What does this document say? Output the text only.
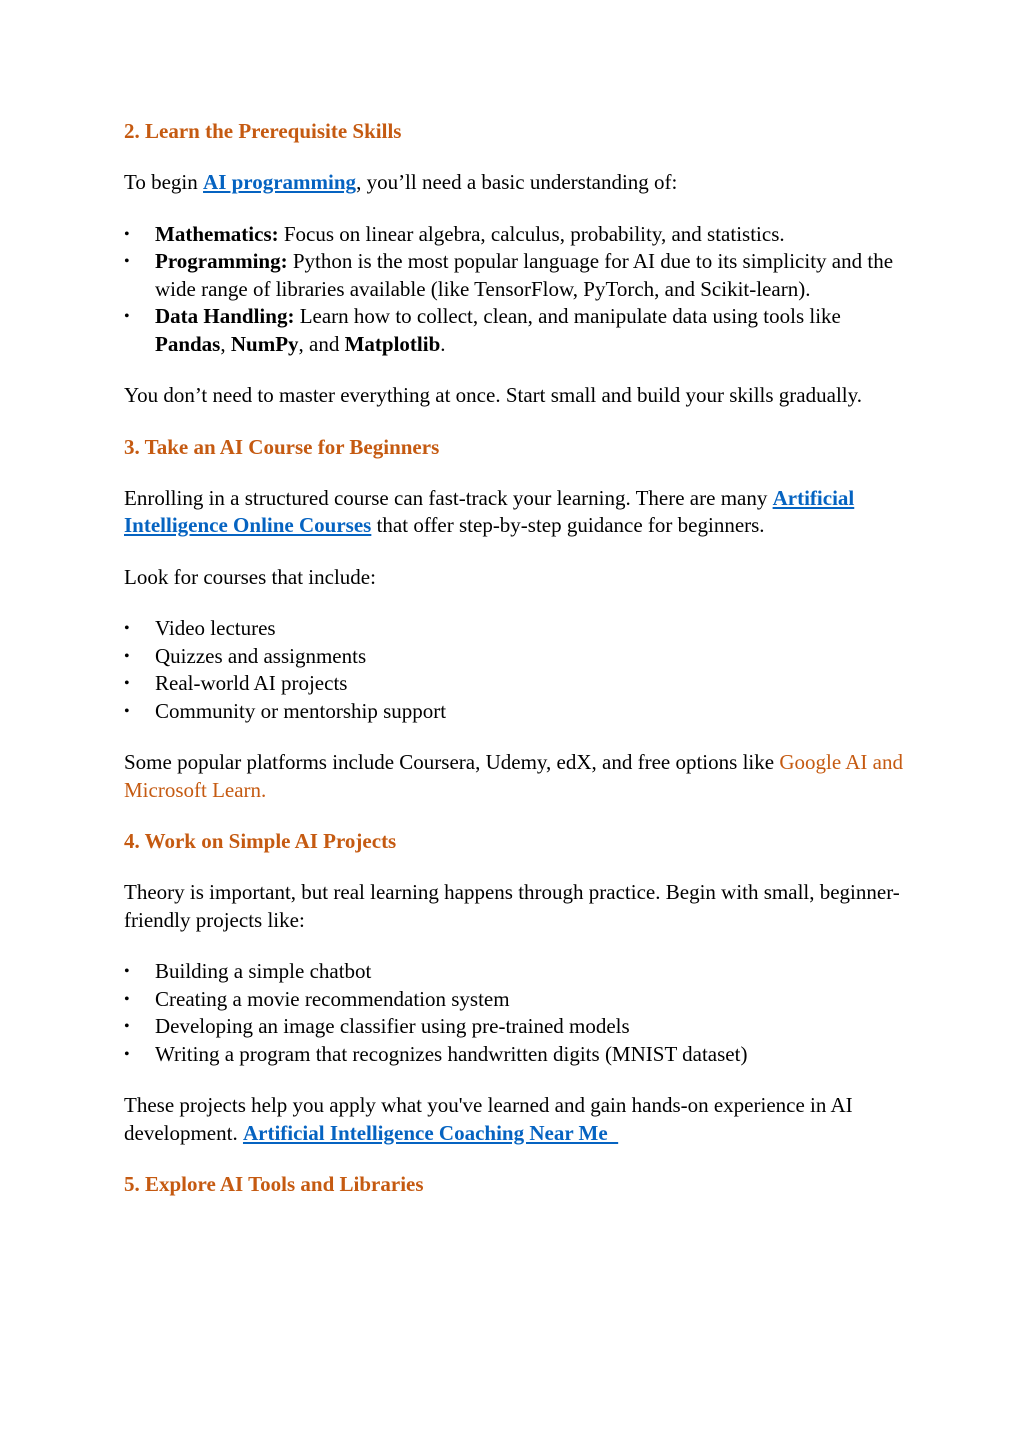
2. Learn the Prerequisite Skills

To begin AI programming, you’ll need a basic understanding of:

• Mathematics: Focus on linear algebra, calculus, probability, and statistics.
• Programming: Python is the most popular language for AI due to its simplicity and the wide range of libraries available (like TensorFlow, PyTorch, and Scikit-learn).
• Data Handling: Learn how to collect, clean, and manipulate data using tools like Pandas, NumPy, and Matplotlib.

You don’t need to master everything at once. Start small and build your skills gradually.

3. Take an AI Course for Beginners

Enrolling in a structured course can fast-track your learning. There are many Artificial Intelligence Online Courses that offer step-by-step guidance for beginners.

Look for courses that include:

• Video lectures
• Quizzes and assignments
• Real-world AI projects
• Community or mentorship support

Some popular platforms include Coursera, Udemy, edX, and free options like Google AI and Microsoft Learn.

4. Work on Simple AI Projects

Theory is important, but real learning happens through practice. Begin with small, beginner-friendly projects like:

• Building a simple chatbot
• Creating a movie recommendation system
• Developing an image classifier using pre-trained models
• Writing a program that recognizes handwritten digits (MNIST dataset)

These projects help you apply what you've learned and gain hands-on experience in AI development. Artificial Intelligence Coaching Near Me

5. Explore AI Tools and Libraries
